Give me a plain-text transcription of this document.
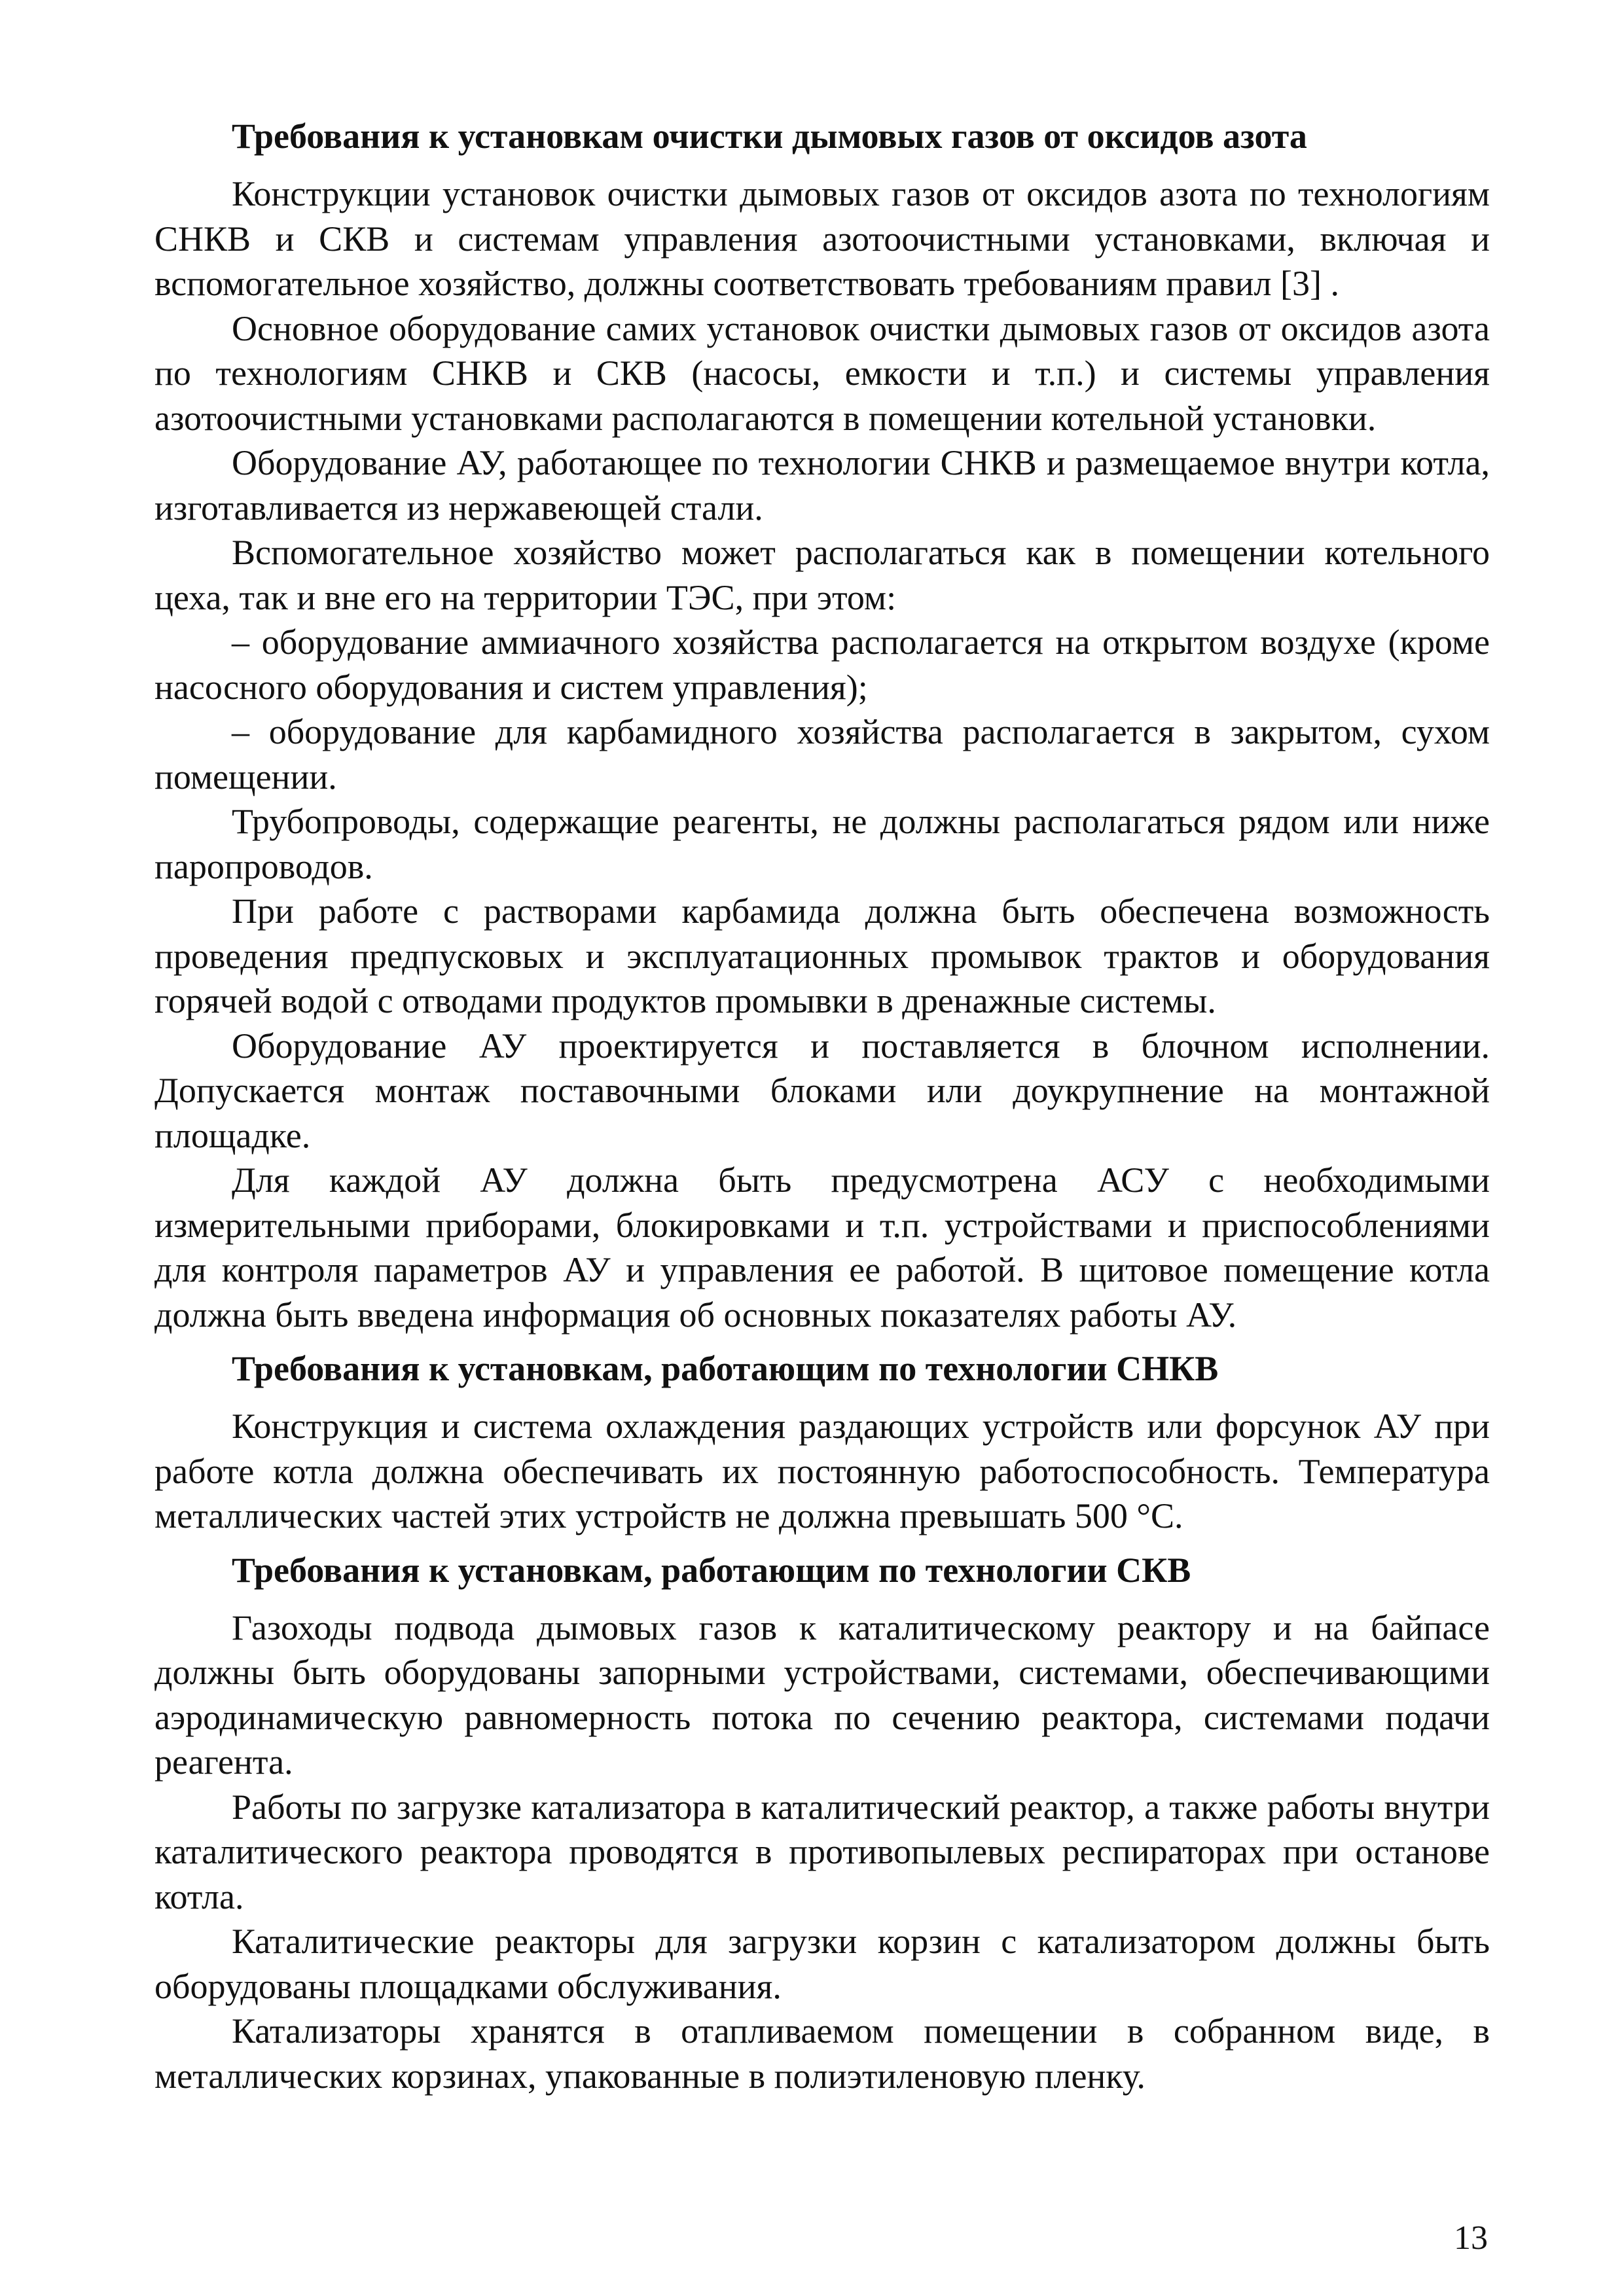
Требования к установкам очистки дымовых газов от оксидов азота

Конструкции установок очистки дымовых газов от оксидов азота по технологиям СНКВ и СКВ и системам управления азотоочистными установками, включая и вспомогательное хозяйство, должны соответствовать требованиям правил [3] .

Основное оборудование самих установок очистки дымовых газов от оксидов азота по технологиям СНКВ и СКВ (насосы, емкости и т.п.) и системы управления азотоочистными установками располагаются в помещении котельной установки.

Оборудование АУ, работающее по технологии СНКВ и размещаемое внутри котла, изготавливается из нержавеющей стали.

Вспомогательное хозяйство может располагаться как в помещении котельного цеха, так и вне его на территории ТЭС, при этом:

– оборудование аммиачного хозяйства располагается на открытом воздухе (кроме насосного оборудования и систем управления);

– оборудование для карбамидного хозяйства располагается в закрытом, сухом помещении.

Трубопроводы, содержащие реагенты, не должны располагаться рядом или ниже паропроводов.

При работе с растворами карбамида должна быть обеспечена возможность проведения предпусковых и эксплуатационных промывок трактов и оборудования горячей водой с отводами продуктов промывки в дренажные системы.

Оборудование АУ проектируется и поставляется в блочном исполнении. Допускается монтаж поставочными блоками или доукрупнение на монтажной площадке.

Для каждой АУ должна быть предусмотрена АСУ с необходимыми измерительными приборами, блокировками и т.п. устройствами и приспособлениями для контроля параметров АУ и управления ее работой. В щитовое помещение котла должна быть введена информация об основных показателях работы АУ.

Требования к установкам, работающим по технологии СНКВ

Конструкция и система охлаждения раздающих устройств или форсунок АУ при работе котла должна обеспечивать их постоянную работоспособность. Температура металлических частей этих устройств не должна превышать 500 °С.

Требования к установкам, работающим по технологии СКВ

Газоходы подвода дымовых газов к каталитическому реактору и на байпасе должны быть оборудованы запорными устройствами, системами, обеспечивающими аэродинамическую равномерность потока по сечению реактора, системами подачи реагента.

Работы по загрузке катализатора в каталитический реактор, а также работы внутри каталитического реактора проводятся в противопылевых респираторах при останове котла.

Каталитические реакторы для загрузки корзин с катализатором должны быть оборудованы площадками обслуживания.

Катализаторы хранятся в отапливаемом помещении в собранном виде, в металлических корзинах, упакованные в полиэтиленовую пленку.

13
